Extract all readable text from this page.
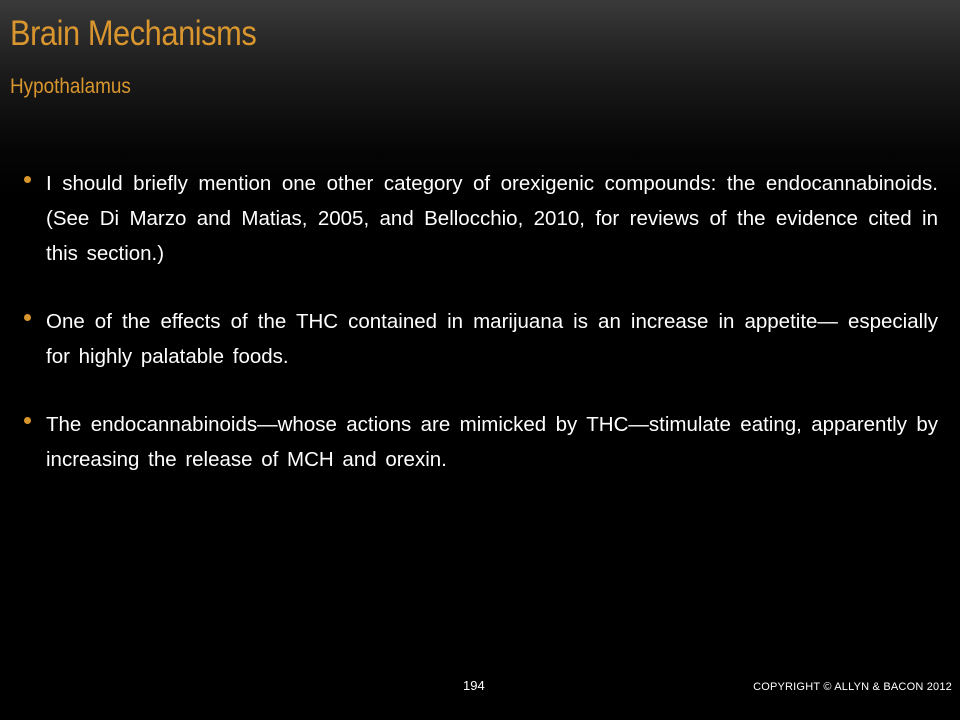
Brain Mechanisms
Hypothalamus
I should briefly mention one other category of orexigenic compounds: the endocannabinoids. (See Di Marzo and Matias, 2005, and Bellocchio, 2010, for reviews of the evidence cited in this section.)
One of the effects of the THC contained in marijuana is an increase in appetite— especially for highly palatable foods.
The endocannabinoids—whose actions are mimicked by THC—stimulate eating, apparently by increasing the release of MCH and orexin.
194	COPYRIGHT © ALLYN & BACON 2012
